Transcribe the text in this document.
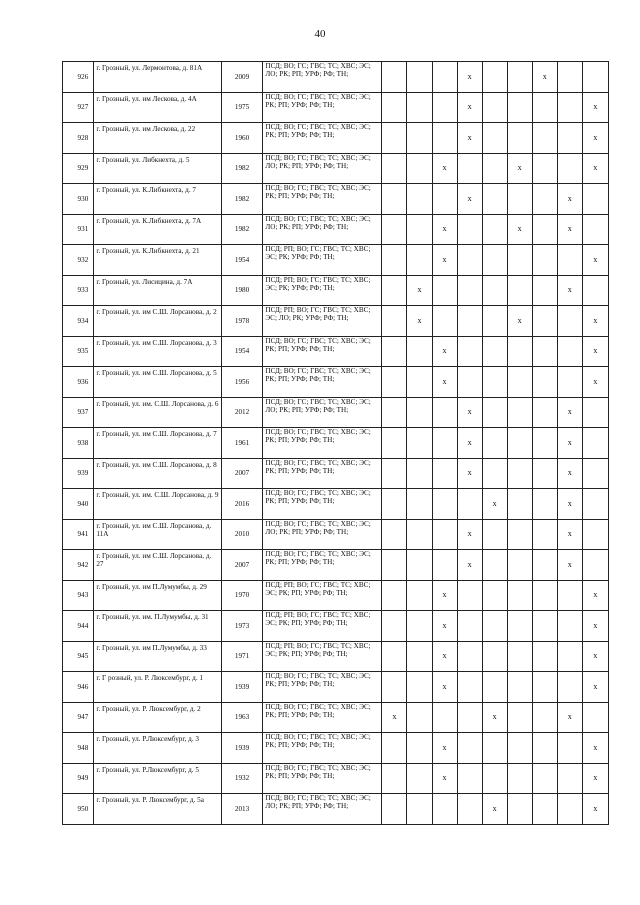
40
926	г. Грозный, ул. Лермонтова, д. 81А	2009	ПСД; ВО; ГС; ГВС; ТС; ХВС; ЭС; ЛО; РК; РП; УРФ; РФ; ТН;				x			x		
927	г. Грозный, ул. им Лескова, д. 4А	1975	ПСД; ВО; ГС; ГВС; ТС; ХВС; ЭС; РК; РП; УРФ; РФ; ТН;				x					x
928	г. Грозный, ул. им Лескова, д. 22	1960	ПСД; ВО; ГС; ГВС; ТС; ХВС; ЭС; РК; РП; УРФ; РФ; ТН;				x					x
929	г. Грозный, ул. Либкнехта, д. 5	1982	ПСД; ВО; ГС; ГВС; ТС; ХВС; ЭС; ЛО; РК; РП; УРФ; РФ; ТН;			x			x			x
930	г. Грозный, ул. К.Либкнехта, д. 7	1982	ПСД; ВО; ГС; ГВС; ТС; ХВС; ЭС; РК; РП; УРФ; РФ; ТН;				x				x	
931	г. Грозный, ул. К.Либкнехта, д. 7А	1982	ПСД; ВО; ГС; ГВС; ТС; ХВС; ЭС; ЛО; РК; РП; УРФ; РФ; ТН;			x			x		x	
932	г. Грозный, ул. К.Либкнехта, д. 21	1954	ПСД; РП; ВО; ГС; ГВС; ТС; ХВС; ЭС; РК; УРФ; РФ; ТН;			x						x
933	г. Грозный, ул. Лисицина, д. 7А	1980	ПСД; РП; ВО; ГС; ГВС; ТС; ХВС; ЭС; РК; УРФ; РФ; ТН;		x						x	
934	г. Грозный, ул. им С.Ш. Лорсанова, д. 2	1978	ПСД; РП; ВО; ГС; ГВС; ТС; ХВС; ЭС; ЛО; РК; УРФ; РФ; ТН;		x				x			x
935	г. Грозный, ул. им С.Ш. Лорсанова, д. 3	1954	ПСД; ВО; ГС; ГВС; ТС; ХВС; ЭС; РК; РП; УРФ; РФ; ТН;			x						x
936	г. Грозный, ул. им С.Ш. Лорсанова, д. 5	1956	ПСД; ВО; ГС; ГВС; ТС; ХВС; ЭС; РК; РП; УРФ; РФ; ТН;			x						x
937	г. Грозный, ул. им. С.Ш. Лорсанова, д. 6	2012	ПСД; ВО; ГС; ГВС; ТС; ХВС; ЭС; ЛО; РК; РП; УРФ; РФ; ТН;				x				x	
938	г. Грозный, ул. им С.Ш. Лорсанова, д. 7	1961	ПСД; ВО; ГС; ГВС; ТС; ХВС; ЭС; РК; РП; УРФ; РФ; ТН;				x				x	
939	г. Грозный, ул. им С.Ш. Лорсанова, д. 8	2007	ПСД; ВО; ГС; ГВС; ТС; ХВС; ЭС; РК; РП; УРФ; РФ; ТН;				x				x	
940	г. Грозный, ул. им. С.Ш. Лорсанова, д. 9	2016	ПСД; ВО; ГС; ГВС; ТС; ХВС; ЭС; РК; РП; УРФ; РФ; ТН;					x			x	
941	г. Грозный, ул. им С.Ш. Лорсанова, д. 11А	2010	ПСД; ВО; ГС; ГВС; ТС; ХВС; ЭС; ЛО; РК; РП; УРФ; РФ; ТН;				x				x	
942	г. Грозный, ул. им С.Ш. Лорсанова, д. 27	2007	ПСД; ВО; ГС; ГВС; ТС; ХВС; ЭС; РК; РП; УРФ; РФ; ТН;				x				x	
943	г. Грозный, ул. им П.Лумумбы, д. 29	1970	ПСД; РП; ВО; ГС; ГВС; ТС; ХВС; ЭС; РК; РП; УРФ; РФ; ТН;			x						x
944	г. Грозный, ул. им. П.Лумумбы, д. 31	1973	ПСД; РП; ВО; ГС; ГВС; ТС; ХВС; ЭС; РК; РП; УРФ; РФ; ТН;			x						x
945	г. Грозный, ул. им П.Лумумбы, д. 33	1971	ПСД; РП; ВО; ГС; ГВС; ТС; ХВС; ЭС; РК; РП; УРФ; РФ; ТН;			x						x
946	г. Г розный, ул. Р. Люксембург, д. 1	1939	ПСД; ВО; ГС; ГВС; ТС; ХВС; ЭС; РК; РП; УРФ; РФ; ТН;			x						x
947	г. Грозный, ул. Р. Люксембург, д. 2	1963	ПСД; ВО; ГС; ГВС; ТС; ХВС; ЭС; РК; РП; УРФ; РФ; ТН;	x				x			x	
948	г. Грозный, ул. Р.Люксембург, д. 3	1939	ПСД; ВО; ГС; ГВС; ТС; ХВС; ЭС; РК; РП; УРФ; РФ; ТН;			x						x
949	г. Грозный, ул. Р.Люксембург, д. 5	1932	ПСД; ВО; ГС; ГВС; ТС; ХВС; ЭС; РК; РП; УРФ; РФ; ТН;			x						x
950	г. Грозный, ул. Р. Люксембург, д. 5а	2013	ПСД; ВО; ГС; ГВС; ТС; ХВС; ЭС; ЛО; РК; РП; УРФ; РФ; ТН;					x				x
